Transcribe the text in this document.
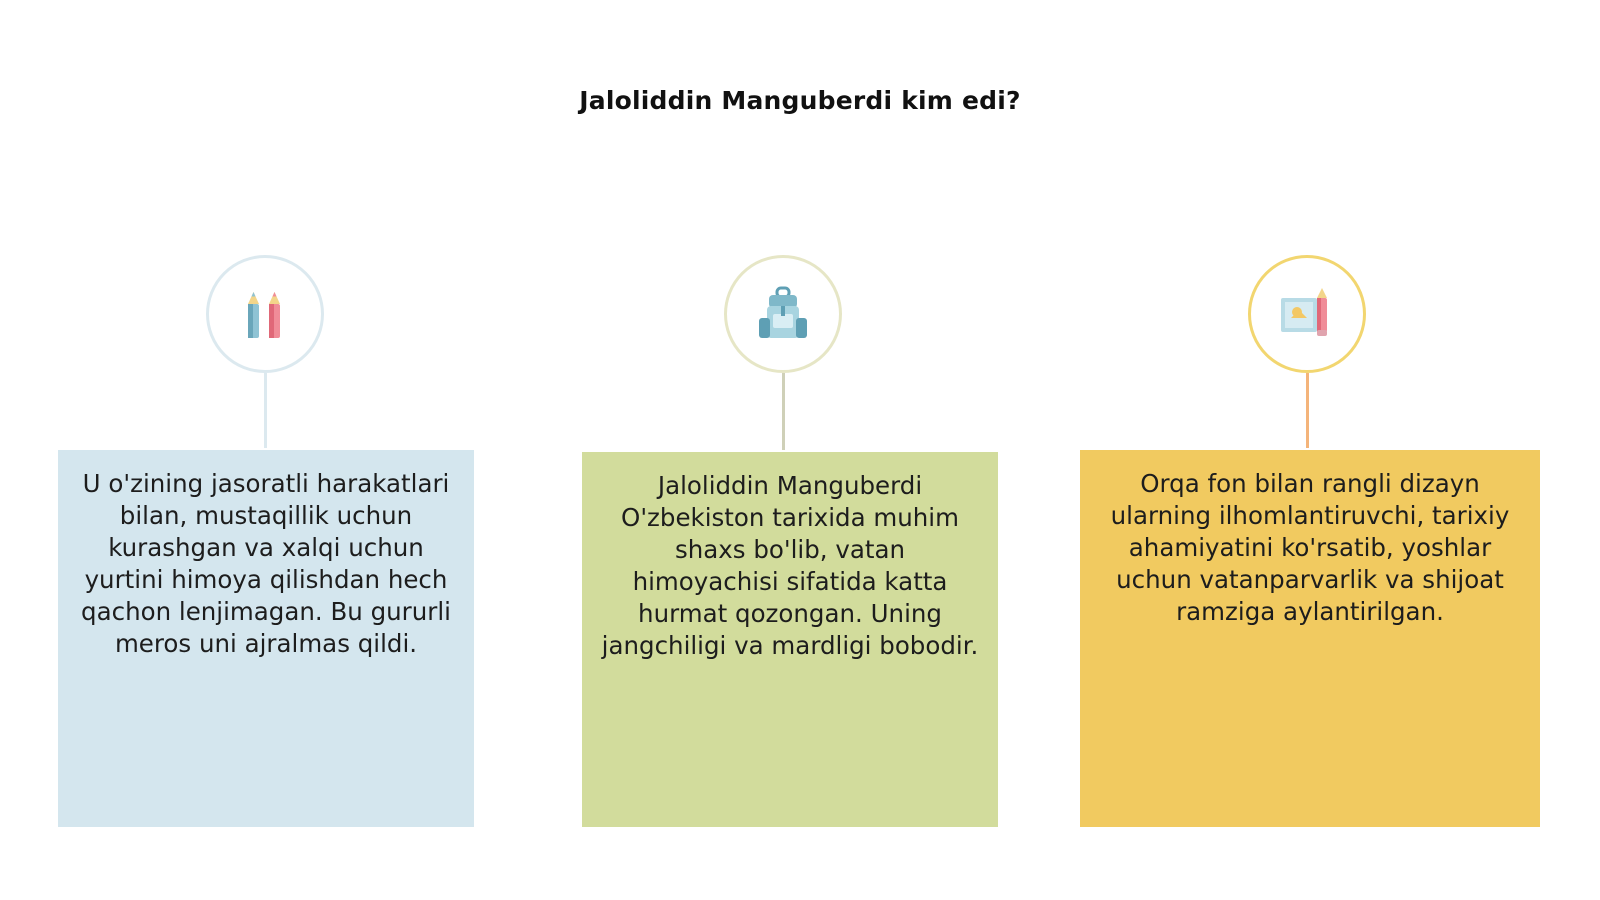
Jaloliddin Manguberdi kim edi?

U o'zining jasoratli harakatlari bilan, mustaqillik uchun kurashgan va xalqi uchun yurtini himoya qilishdan hech qachon lenjimagan. Bu gururli meros uni ajralmas qildi.

Jaloliddin Manguberdi O'zbekiston tarixida muhim shaxs bo'lib, vatan himoyachisi sifatida katta hurmat qozongan. Uning jangchiligi va mardligi bobodir.

Orqa fon bilan rangli dizayn ularning ilhomlantiruvchi, tarixiy ahamiyatini ko'rsatib, yoshlar uchun vatanparvarlik va shijoat ramziga aylantirilgan.
